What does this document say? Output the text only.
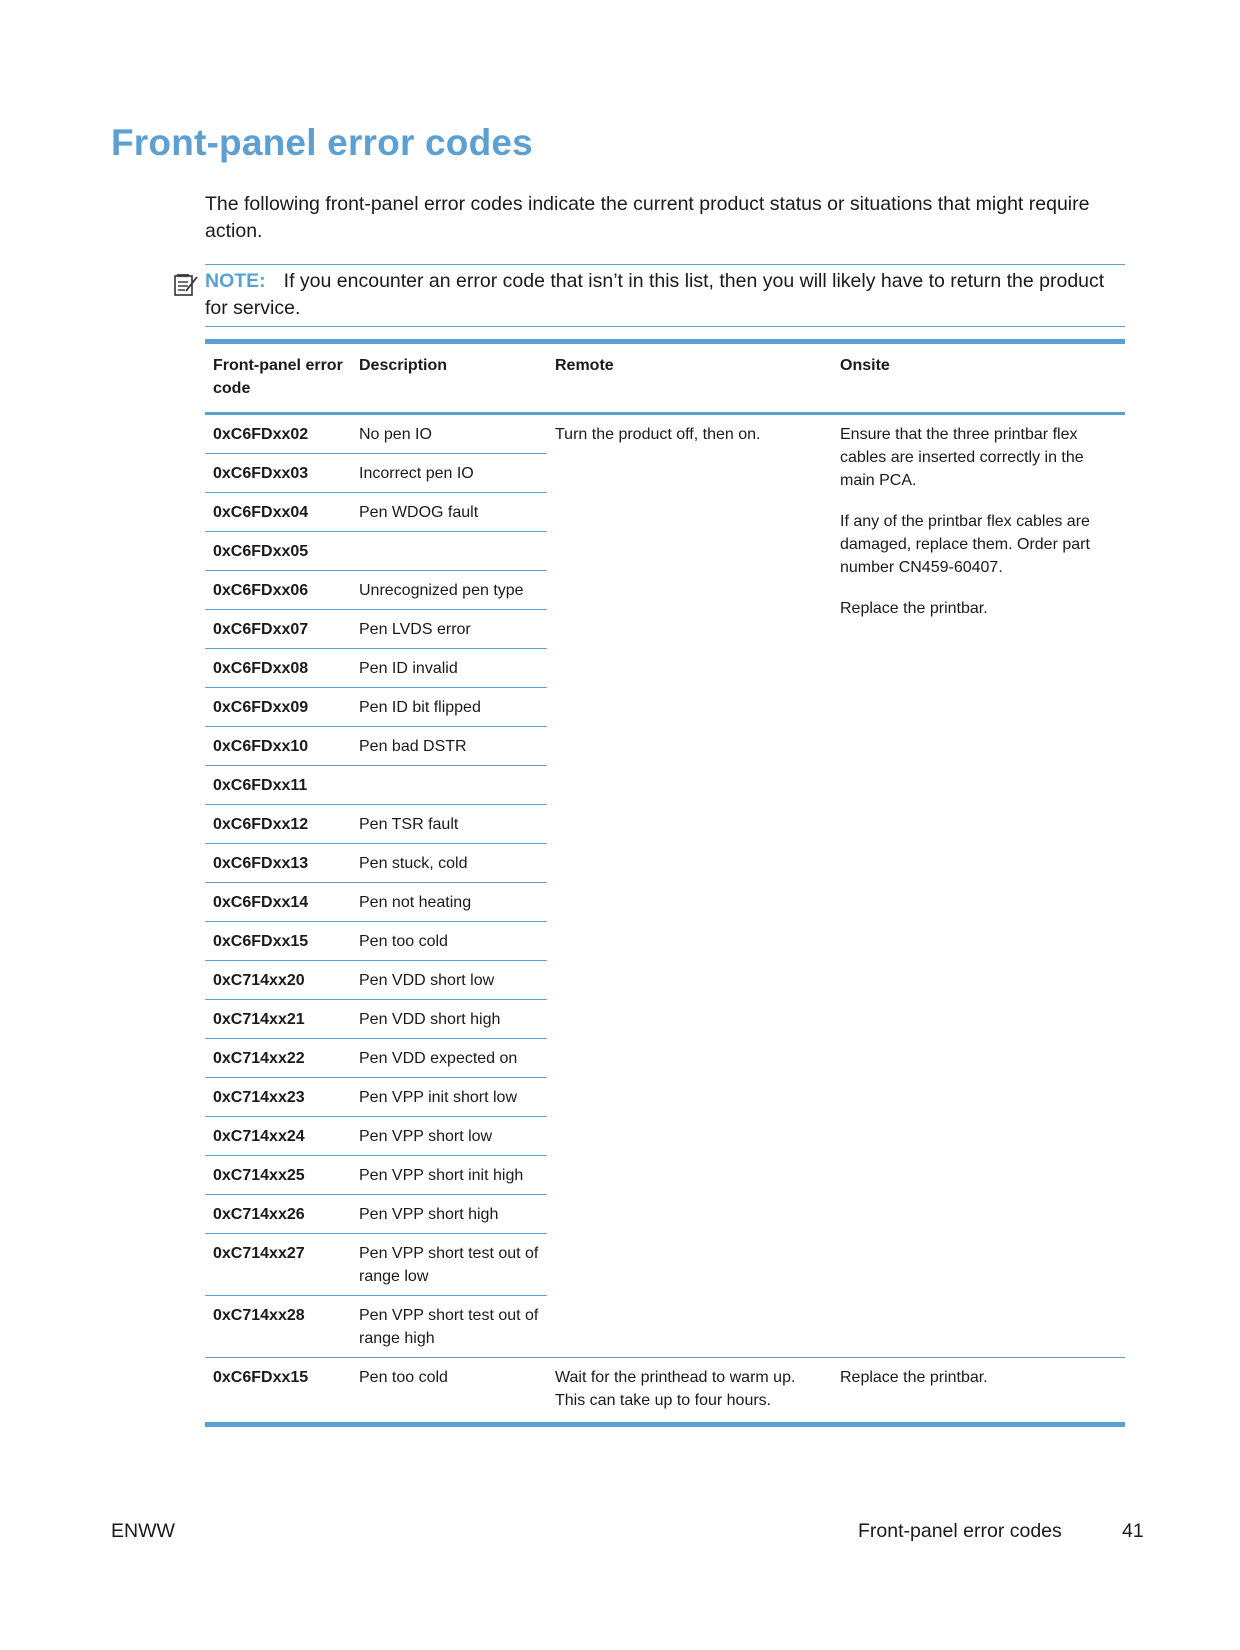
Front-panel error codes
The following front-panel error codes indicate the current product status or situations that might require action.
NOTE: If you encounter an error code that isn’t in this list, then you will likely have to return the product for service.
Front-panel error code	Description	Remote	Onsite
0xC6FDxx02	No pen IO	Turn the product off, then on.	Ensure that the three printbar flex cables are inserted correctly in the main PCA.

If any of the printbar flex cables are damaged, replace them. Order part number CN459-60407.

Replace the printbar.

0xC6FDxx03	Incorrect pen IO		
0xC6FDxx04	Pen WDOG fault		
0xC6FDxx05			
0xC6FDxx06	Unrecognized pen type		
0xC6FDxx07	Pen LVDS error		
0xC6FDxx08	Pen ID invalid		
0xC6FDxx09	Pen ID bit flipped		
0xC6FDxx10	Pen bad DSTR		
0xC6FDxx11			
0xC6FDxx12	Pen TSR fault		
0xC6FDxx13	Pen stuck, cold		
0xC6FDxx14	Pen not heating		
0xC6FDxx15	Pen too cold		
0xC714xx20	Pen VDD short low		
0xC714xx21	Pen VDD short high		
0xC714xx22	Pen VDD expected on		
0xC714xx23	Pen VPP init short low		
0xC714xx24	Pen VPP short low		
0xC714xx25	Pen VPP short init high		
0xC714xx26	Pen VPP short high		
0xC714xx27	Pen VPP short test out of range low		
0xC714xx28	Pen VPP short test out of range high		
0xC6FDxx15	Pen too cold	Wait for the printhead to warm up. This can take up to four hours.	Replace the printbar.
ENWW	Front-panel error codes	41
